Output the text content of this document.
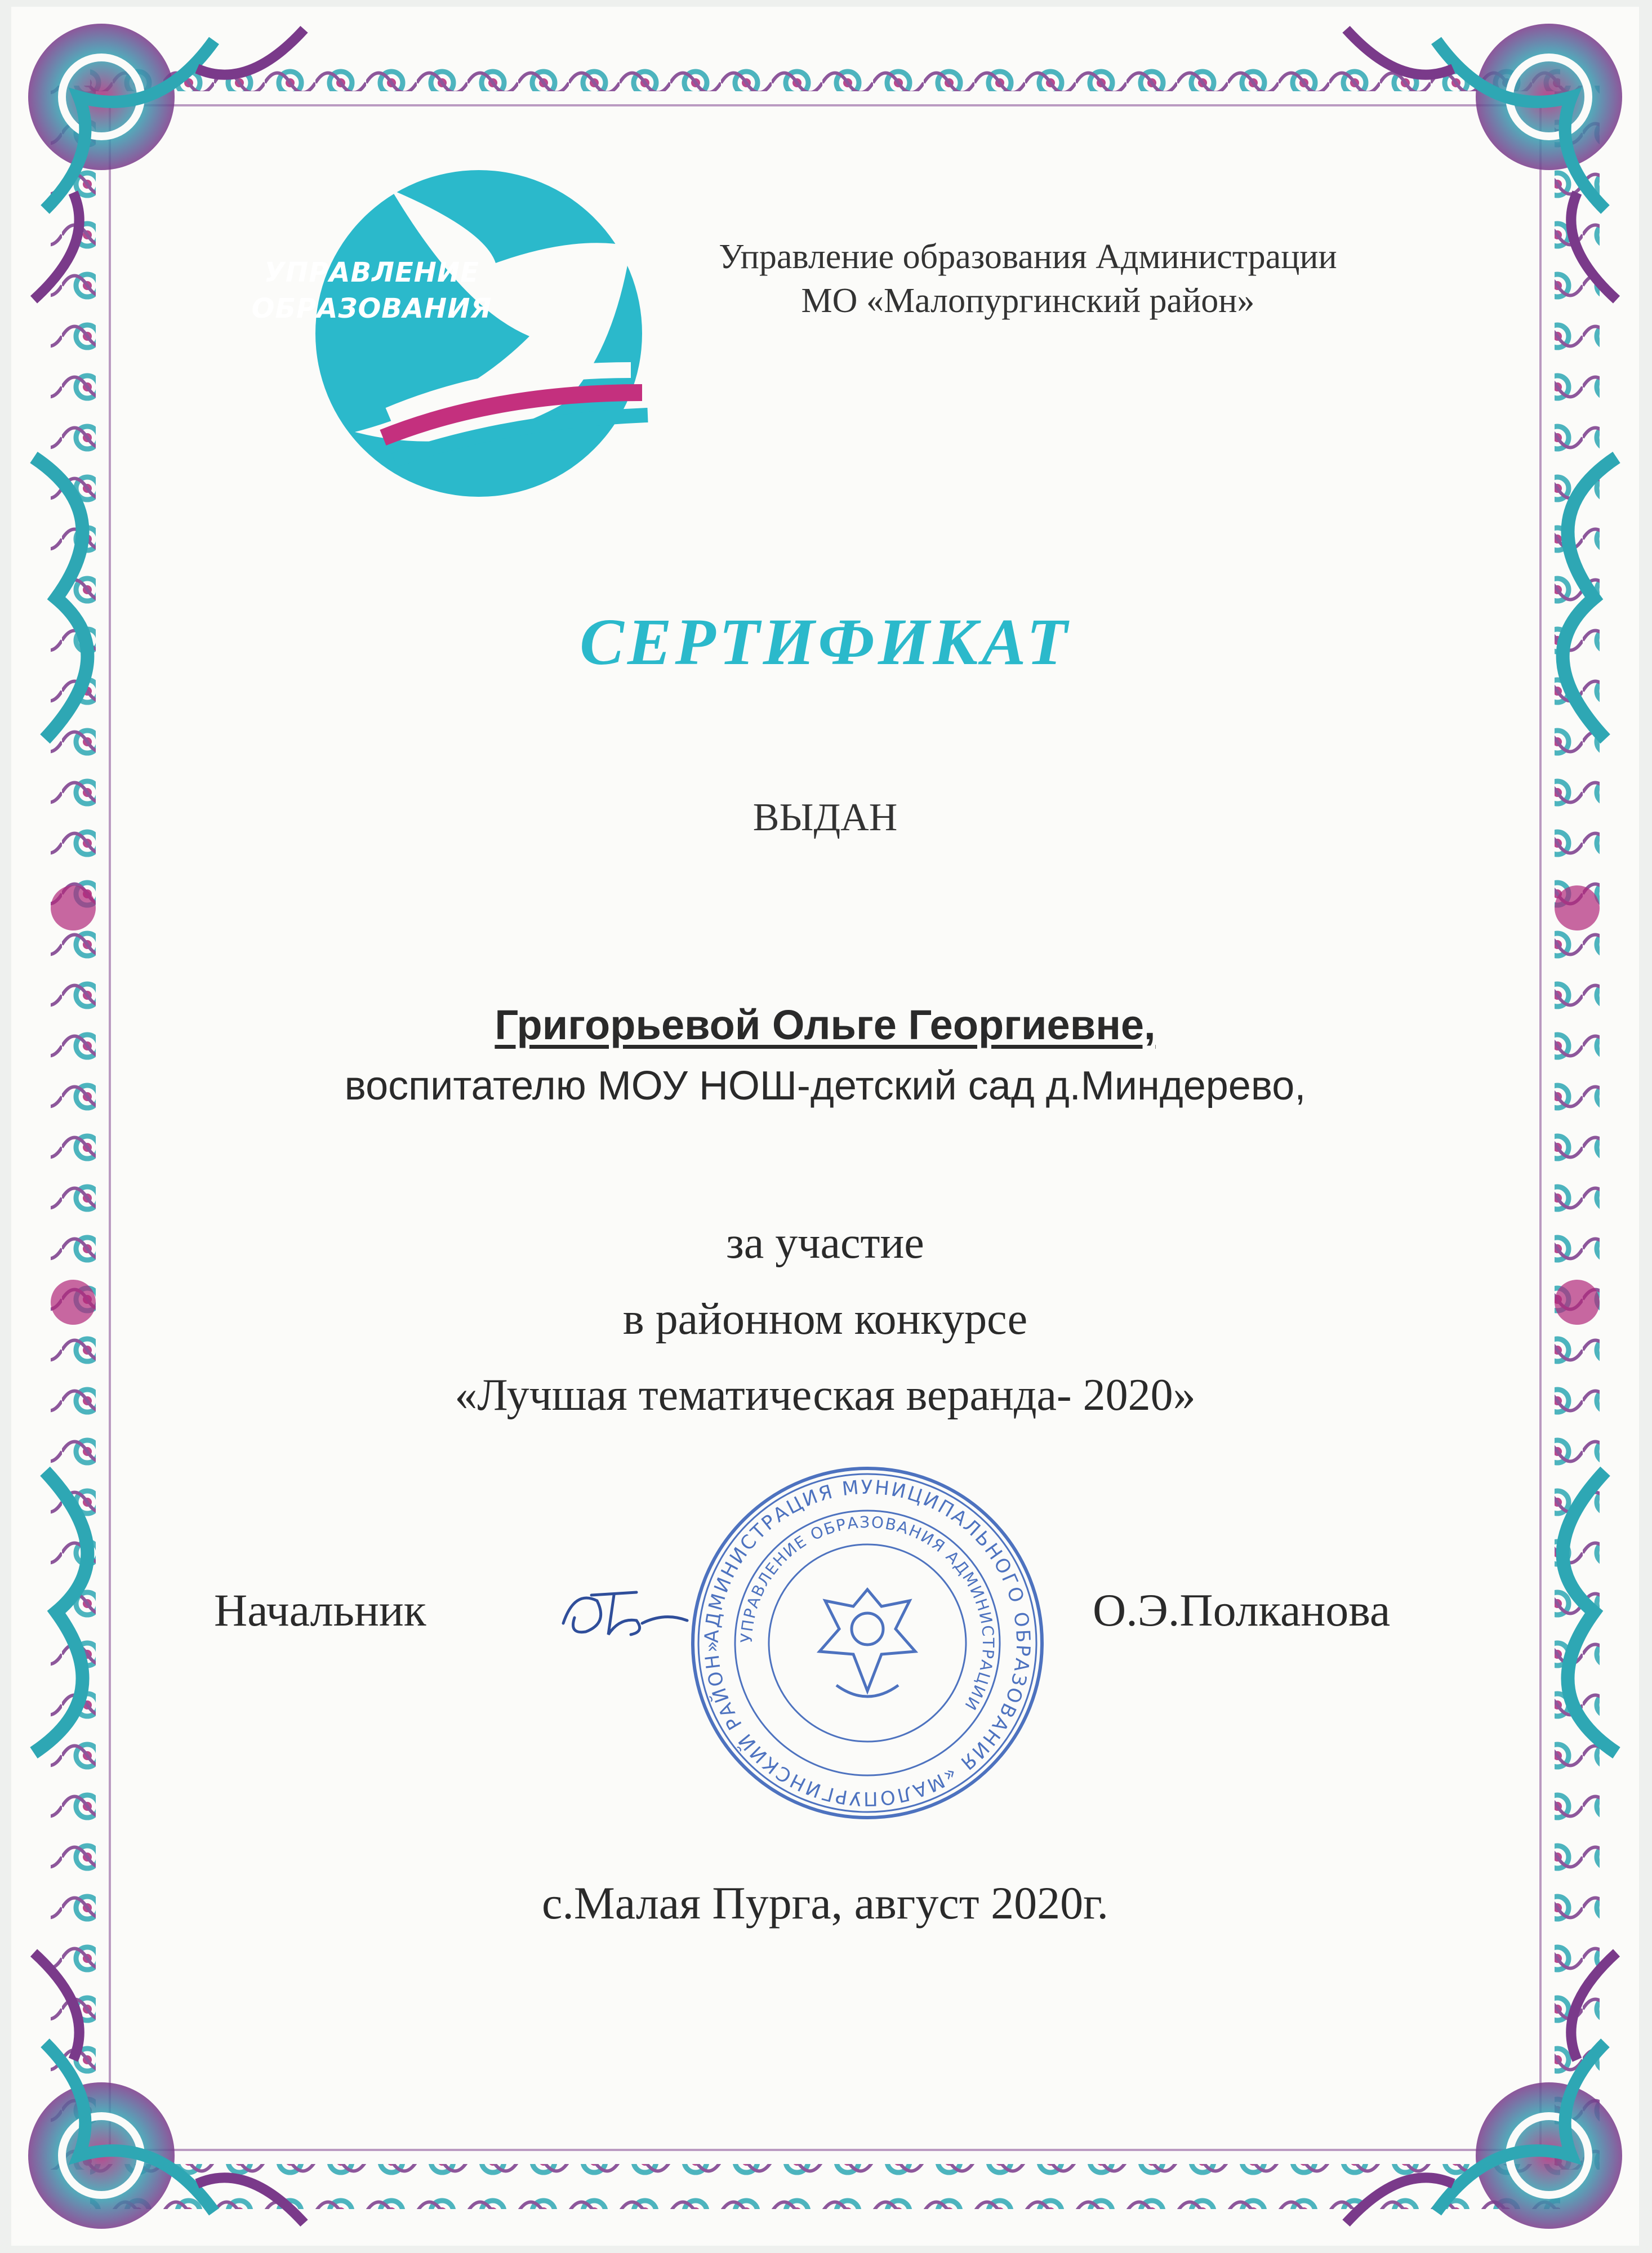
УПРАВЛЕНИЕ
ОБРАЗОВАНИЯ
Управление образования Администрации
МО «Малопургинский район»
СЕРТИФИКАТ
ВЫДАН
Григорьевой Ольге Георгиевне,
воспитателю МОУ НОШ-детский сад д.Миндерево,
за участие
в районном конкурсе
«Лучшая тематическая веранда- 2020»
АДМИНИСТРАЦИЯ МУНИЦИПАЛЬНОГО ОБРАЗОВАНИЯ «МАЛОПУРГИНСКИЙ РАЙОН»
УПРАВЛЕНИЕ ОБРАЗОВАНИЯ АДМИНИСТРАЦИИ
Начальник	О.Э.Полканова
с.Малая Пурга, август 2020г.
